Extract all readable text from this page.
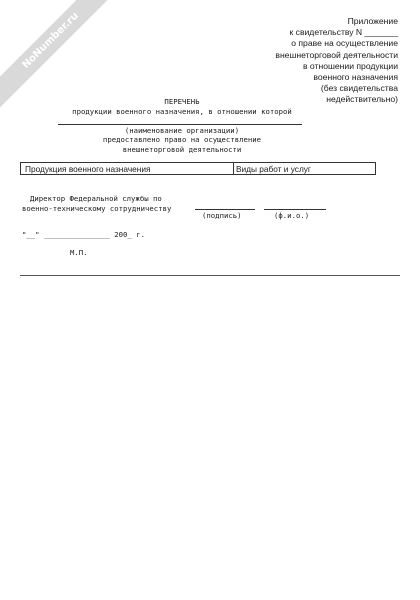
NoNumber.ru	Приложение
к свидетельству N _______
о праве на осуществление
внешнеторговой деятельности
в отношении продукции
военного назначения
(без свидетельства
недействительно)
ПЕРЕЧЕНЬ
продукции военного назначения, в отношении которой
(наименование организации)
предоставлено право на осуществление
внешнеторговой деятельности
Продукция военного назначения	Виды работ и услуг
Директор Федеральной службы по
военно-техническому сотрудничеству
(подпись)	(ф.и.о.)
"__" _______________ 200_ г.
М.П.
